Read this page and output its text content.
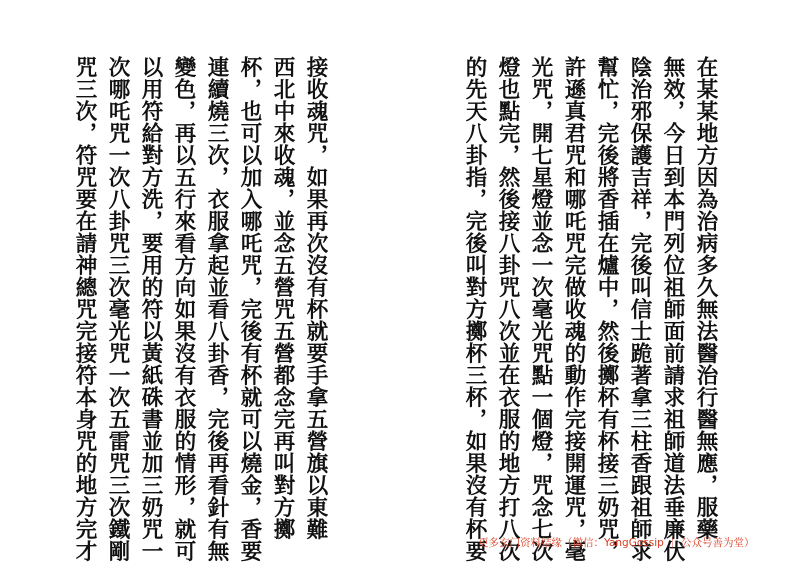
在某某地方因為治病多久無法醫治行醫無應，服藥
無效，今日到本門列位祖師面前請求祖師道法垂廉伏
陰治邪保護吉祥，完後叫信士跪著拿三柱香跟祖師求
幫忙，完後將香插在爐中，然後擲杯有杯接三奶咒，
許遜真君咒和哪吒咒完做收魂的動作完接開運咒，毫
光咒，開七星燈並念一次毫光咒點一個燈，咒念七次
燈也點完，然後接八卦咒八次並在衣服的地方打八次
的先天八卦指，完後叫對方擲杯三杯，如果沒有杯要
接收魂咒，如果再次沒有杯就要手拿五營旗以東難
西北中來收魂，並念五營咒五營都念完再叫對方擲
杯，也可以加入哪吒咒，完後有杯就可以燒金，香要
連續燒三次，衣服拿起並看八卦香，完後再看針有無
變色，再以五行來看方向如果沒有衣服的情形，就可
以用符給對方洗，要用的符以黃紙硃書並加三奶咒一
次哪吒咒一次八卦咒三次毫光咒一次五雷咒三次鐵剛
咒三次，符咒要在請神總咒完接符本身咒的地方完才	更多玄门资料结缘（微信：YangGossip ｜ 公众号善为堂）
